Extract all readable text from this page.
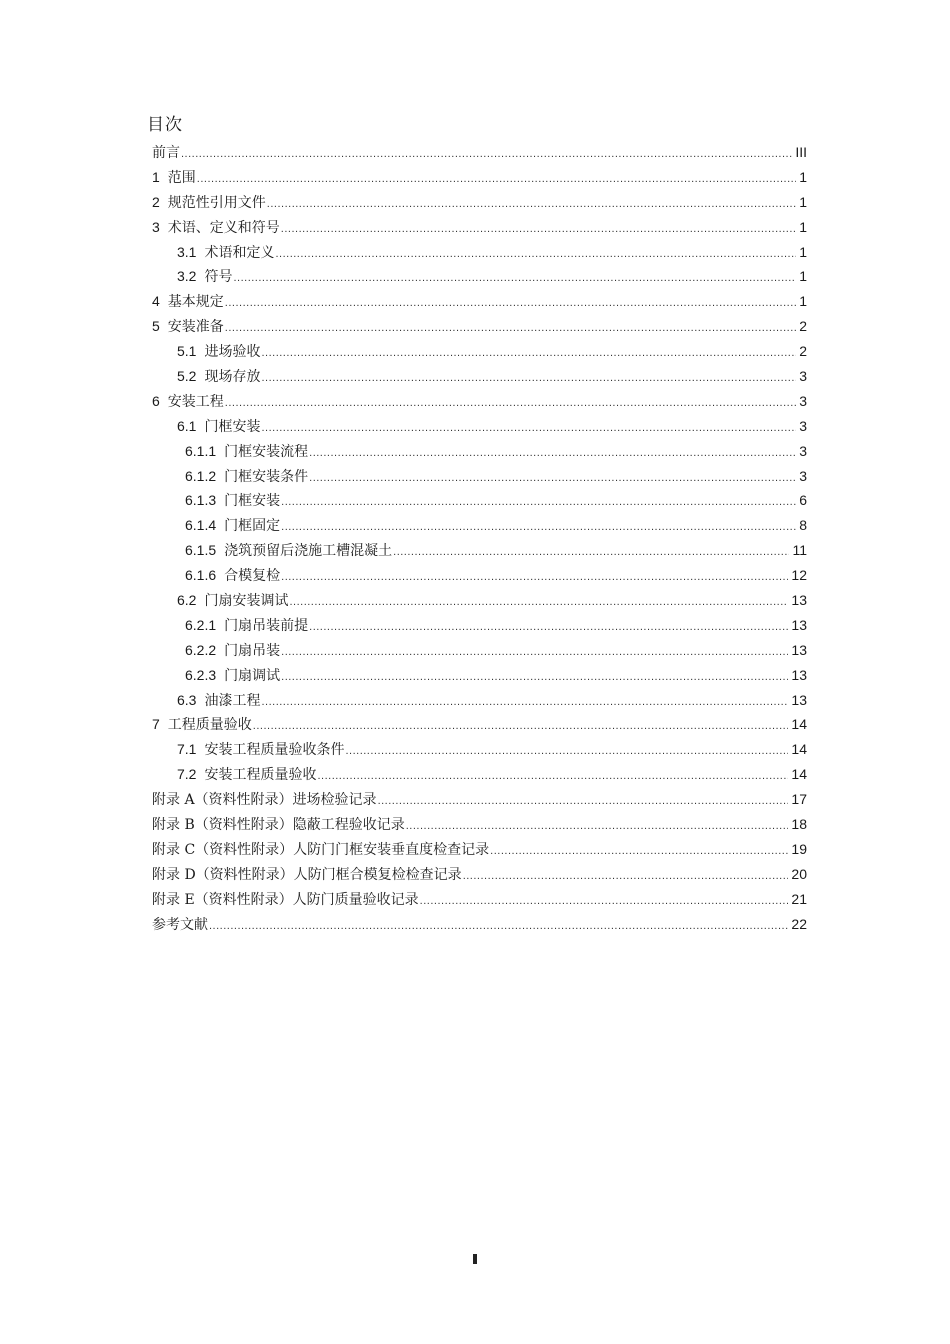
目次
前言 .....	III
1 范围 .....	1
2 规范性引用文件 .....	1
3 术语、定义和符号 .....	1
3.1 术语和定义 .....	1
3.2 符号 .....	1
4 基本规定 .....	1
5 安装准备 .....	2
5.1 进场验收 .....	2
5.2 现场存放 .....	3
6 安装工程 .....	3
6.1 门框安装 .....	3
6.1.1 门框安装流程 .....	3
6.1.2 门框安装条件 .....	3
6.1.3 门框安装 .....	6
6.1.4 门框固定 .....	8
6.1.5 浇筑预留后浇施工槽混凝土 .....	11
6.1.6 合模复检 .....	12
6.2 门扇安装调试 .....	13
6.2.1 门扇吊装前提 .....	13
6.2.2 门扇吊装 .....	13
6.2.3 门扇调试 .....	13
6.3 油漆工程 .....	13
7 工程质量验收 .....	14
7.1 安装工程质量验收条件 .....	14
7.2 安装工程质量验收 .....	14
附录 A（资料性附录）进场检验记录 .....	17
附录 B（资料性附录）隐蔽工程验收记录 .....	18
附录 C（资料性附录）人防门门框安装垂直度检查记录 .....	19
附录 D（资料性附录）人防门框合模复检检查记录 .....	20
附录 E（资料性附录）人防门质量验收记录 .....	21
参考文献 .....	22
